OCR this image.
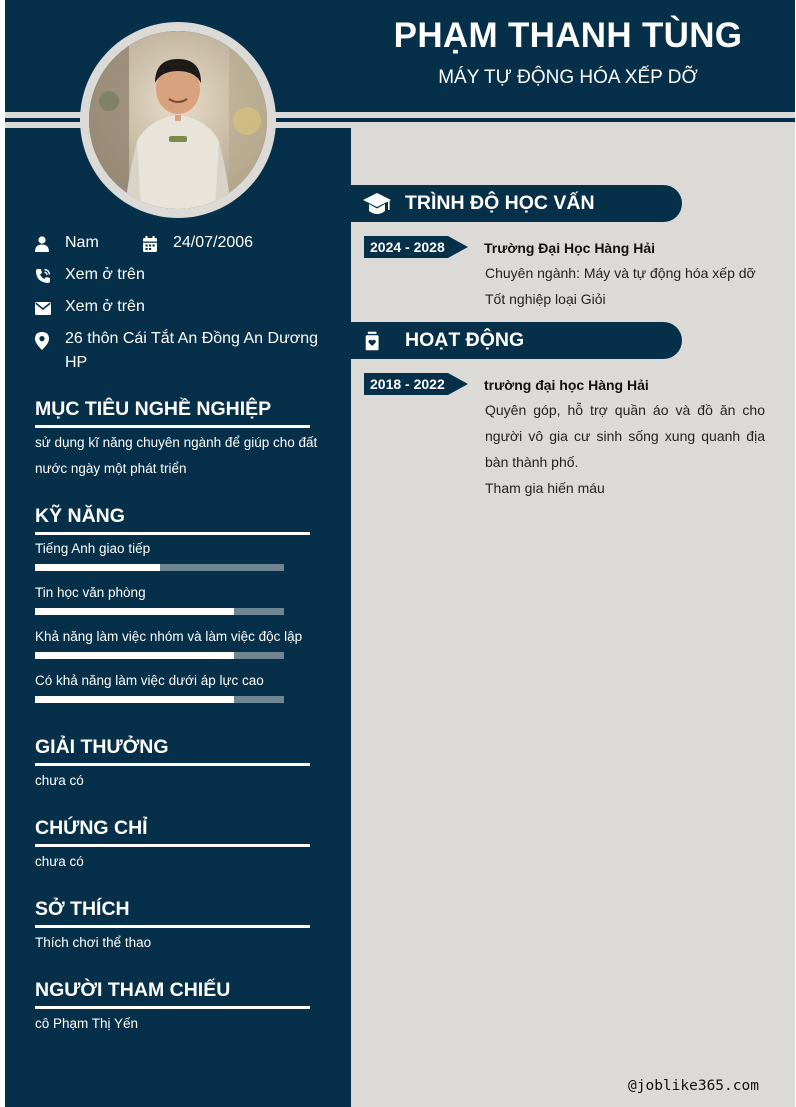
PHẠM THANH TÙNG
MÁY TỰ ĐỘNG HÓA XẾP DỠ
Nam	24/07/2006
Xem ở trên
Xem ở trên
26 thôn Cái Tắt An Đồng An Dương HP
MỤC TIÊU NGHỀ NGHIỆP
sử dụng kĩ năng chuyên ngành để giúp cho đất nước ngày một phát triển
KỸ NĂNG
GIẢI THƯỞNG
chưa có
CHỨNG CHỈ
chưa có
SỞ THÍCH
Thích chơi thể thao
NGƯỜI THAM CHIẾU
cô Phạm Thị Yến
TRÌNH ĐỘ HỌC VẤN
2024 - 2028	Trường Đại Học Hàng Hải
Chuyên ngành: Máy và tự động hóa xếp dỡ
Tốt nghiệp loại Giỏi
HOẠT ĐỘNG
2018 - 2022	trường đại học Hàng Hải
Quyên góp, hỗ trợ quần áo và đồ ăn cho người vô gia cư sinh sống xung quanh địa bàn thành phố.
Tham gia hiến máu
@joblike365.com
Tiếng Anh giao tiếp
Tin học văn phòng
Khả năng làm việc nhóm và làm việc độc lập
Có khả năng làm việc dưới áp lực cao
